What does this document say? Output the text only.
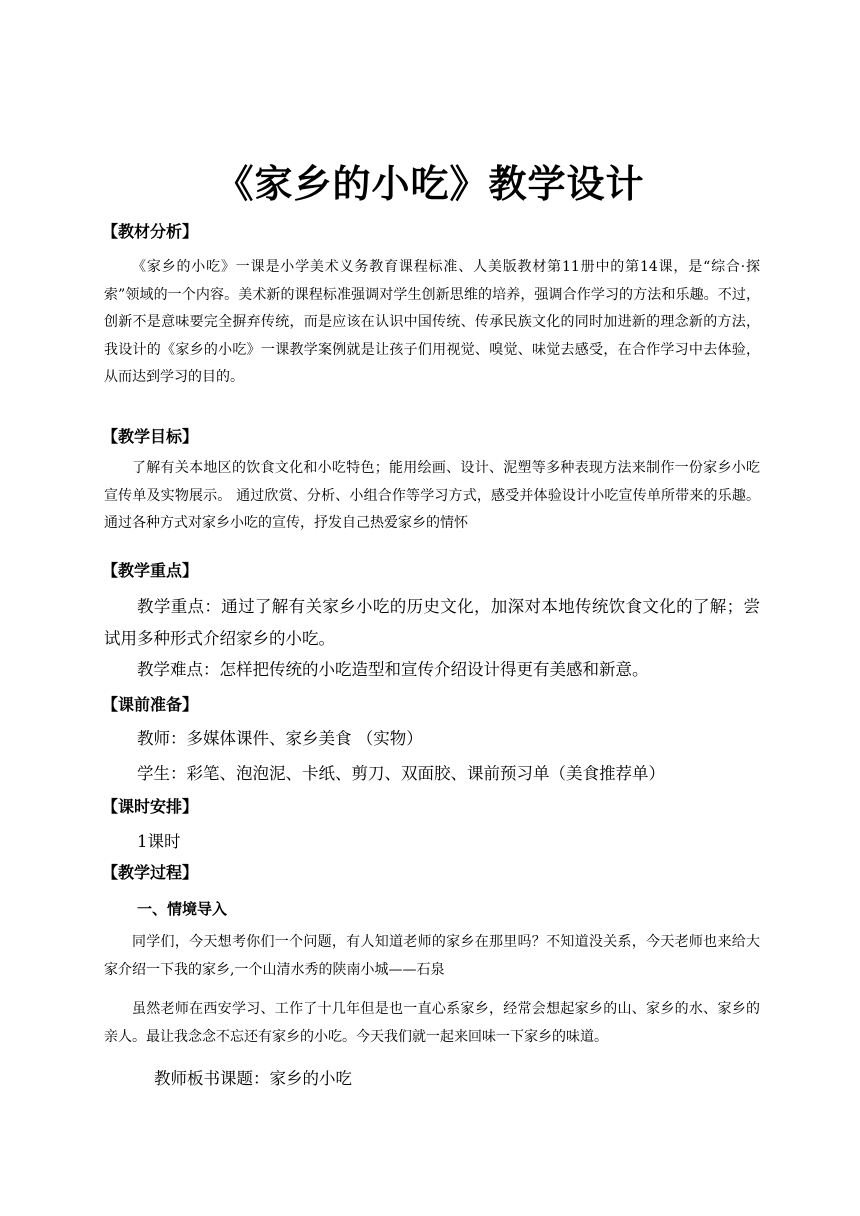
《家乡的小吃》教学设计
【教材分析】

《家乡的小吃》一课是小学美术义务教育课程标准、人美版教材第11册中的第14课，是“综合·探索”领域的一个内容。美术新的课程标准强调对学生创新思维的培养，强调合作学习的方法和乐趣。不过，创新不是意味要完全摒弃传统，而是应该在认识中国传统、传承民族文化的同时加进新的理念新的方法，我设计的《家乡的小吃》一课教学案例就是让孩子们用视觉、嗅觉、味觉去感受，在合作学习中去体验，从而达到学习的目的。

【教学目标】

了解有关本地区的饮食文化和小吃特色；能用绘画、设计、泥塑等多种表现方法来制作一份家乡小吃宣传单及实物展示。 通过欣赏、分析、小组合作等学习方式，感受并体验设计小吃宣传单所带来的乐趣。通过各种方式对家乡小吃的宣传，抒发自己热爱家乡的情怀

【教学重点】

教学重点：通过了解有关家乡小吃的历史文化，加深对本地传统饮食文化的了解；尝试用多种形式介绍家乡的小吃。

教学难点：怎样把传统的小吃造型和宣传介绍设计得更有美感和新意。
【课前准备】
教师：多媒体课件、家乡美食 （实物）
学生：彩笔、泡泡泥、卡纸、剪刀、双面胶、课前预习单（美食推荐单）
【课时安排】
1课时
【教学过程】
一、情境导入

同学们，今天想考你们一个问题，有人知道老师的家乡在那里吗？不知道没关系，今天老师也来给大家介绍一下我的家乡,一个山清水秀的陕南小城——石泉

虽然老师在西安学习、工作了十几年但是也一直心系家乡，经常会想起家乡的山、家乡的水、家乡的亲人。最让我念念不忘还有家乡的小吃。今天我们就一起来回味一下家乡的味道。

教师板书课题：家乡的小吃
